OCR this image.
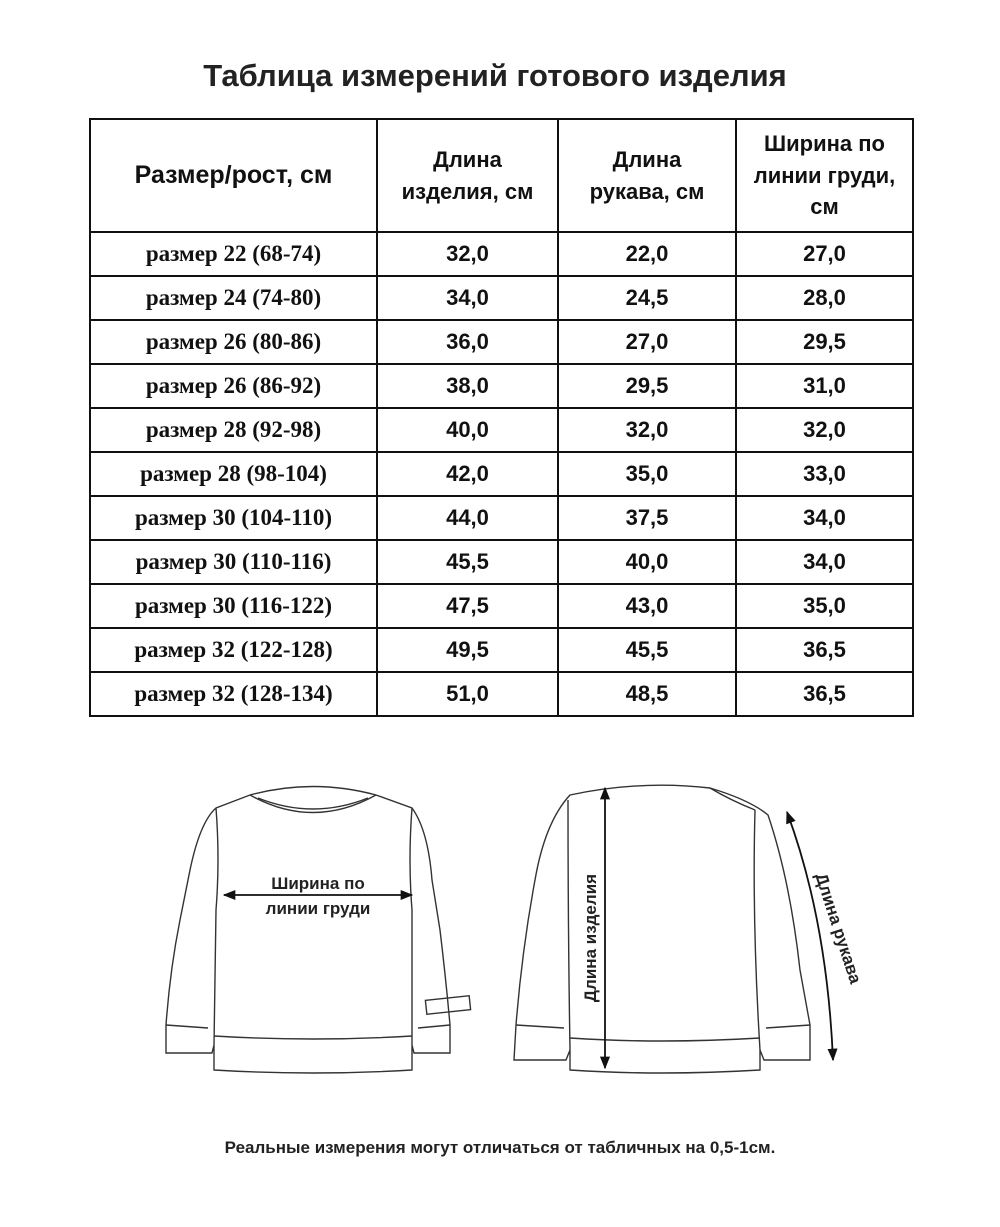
Таблица измерений готового изделия
Размер/рост, см	Длина изделия, см	Длина рукава, см	Ширина по линии груди, см

размер 22 (68-74)	32,0	22,0	27,0
размер 24 (74-80)	34,0	24,5	28,0
размер 26 (80-86)	36,0	27,0	29,5
размер 26 (86-92)	38,0	29,5	31,0
размер 28 (92-98)	40,0	32,0	32,0
размер 28 (98-104)	42,0	35,0	33,0
размер 30 (104-110)	44,0	37,5	34,0
размер 30 (110-116)	45,5	40,0	34,0
размер 30 (116-122)	47,5	43,0	35,0
размер 32 (122-128)	49,5	45,5	36,5
размер 32 (128-134)	51,0	48,5	36,5
Ширина по
линии груди	Длина изделия	Длина рукава
Реальные измерения могут отличаться от табличных на 0,5-1см.
